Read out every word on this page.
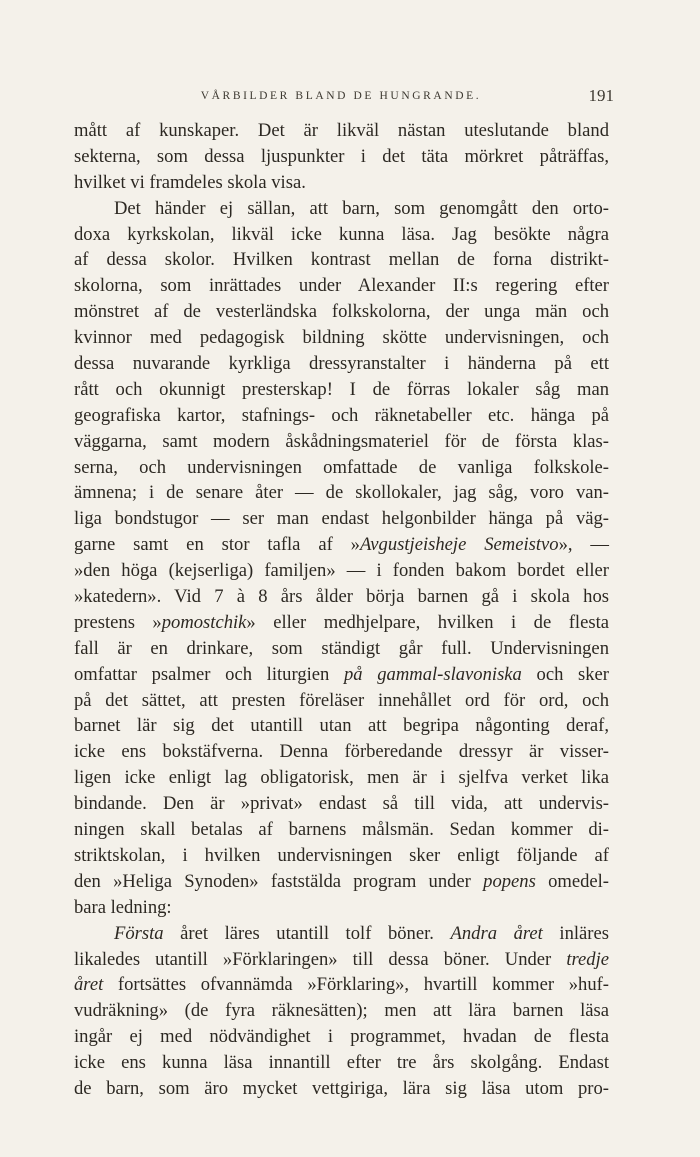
VÅRBILDER BLAND DE HUNGRANDE.	191
mått af kunskaper. Det är likväl nästan uteslutande bland
sekterna, som dessa ljuspunkter i det täta mörkret påträffas,
hvilket vi framdeles skola visa.
Det händer ej sällan, att barn, som genomgått den orto-
doxa kyrkskolan, likväl icke kunna läsa. Jag besökte några
af dessa skolor. Hvilken kontrast mellan de forna distrikt-
skolorna, som inrättades under Alexander II:s regering efter
mönstret af de vesterländska folkskolorna, der unga män och
kvinnor med pedagogisk bildning skötte undervisningen, och
dessa nuvarande kyrkliga dressyranstalter i händerna på ett
rått och okunnigt presterskap! I de förras lokaler såg man
geografiska kartor, stafnings- och räknetabeller etc. hänga på
väggarna, samt modern åskådningsmateriel för de första klas-
serna, och undervisningen omfattade de vanliga folkskole-
ämnena; i de senare åter — de skollokaler, jag såg, voro van-
liga bondstugor — ser man endast helgonbilder hänga på väg-
garne samt en stor tafla af »Avgustjeisheje Semeistvo», —
»den höga (kejserliga) familjen» — i fonden bakom bordet eller
»katedern». Vid 7 à 8 års ålder börja barnen gå i skola hos
prestens »pomostchik» eller medhjelpare, hvilken i de flesta
fall är en drinkare, som ständigt går full. Undervisningen
omfattar psalmer och liturgien på gammal-slavoniska och sker
på det sättet, att presten föreläser innehållet ord för ord, och
barnet lär sig det utantill utan att begripa någonting deraf,
icke ens bokstäfverna. Denna förberedande dressyr är visser-
ligen icke enligt lag obligatorisk, men är i sjelfva verket lika
bindande. Den är »privat» endast så till vida, att undervis-
ningen skall betalas af barnens målsmän. Sedan kommer di-
striktskolan, i hvilken undervisningen sker enligt följande af
den »Heliga Synoden» faststälda program under popens omedel-
bara ledning:
Första året läres utantill tolf böner. Andra året inläres
likaledes utantill »Förklaringen» till dessa böner. Under tredje
året fortsättes ofvannämda »Förklaring», hvartill kommer »huf-
vudräkning» (de fyra räknesätten); men att lära barnen läsa
ingår ej med nödvändighet i programmet, hvadan de flesta
icke ens kunna läsa innantill efter tre års skolgång. Endast
de barn, som äro mycket vettgiriga, lära sig läsa utom pro-
